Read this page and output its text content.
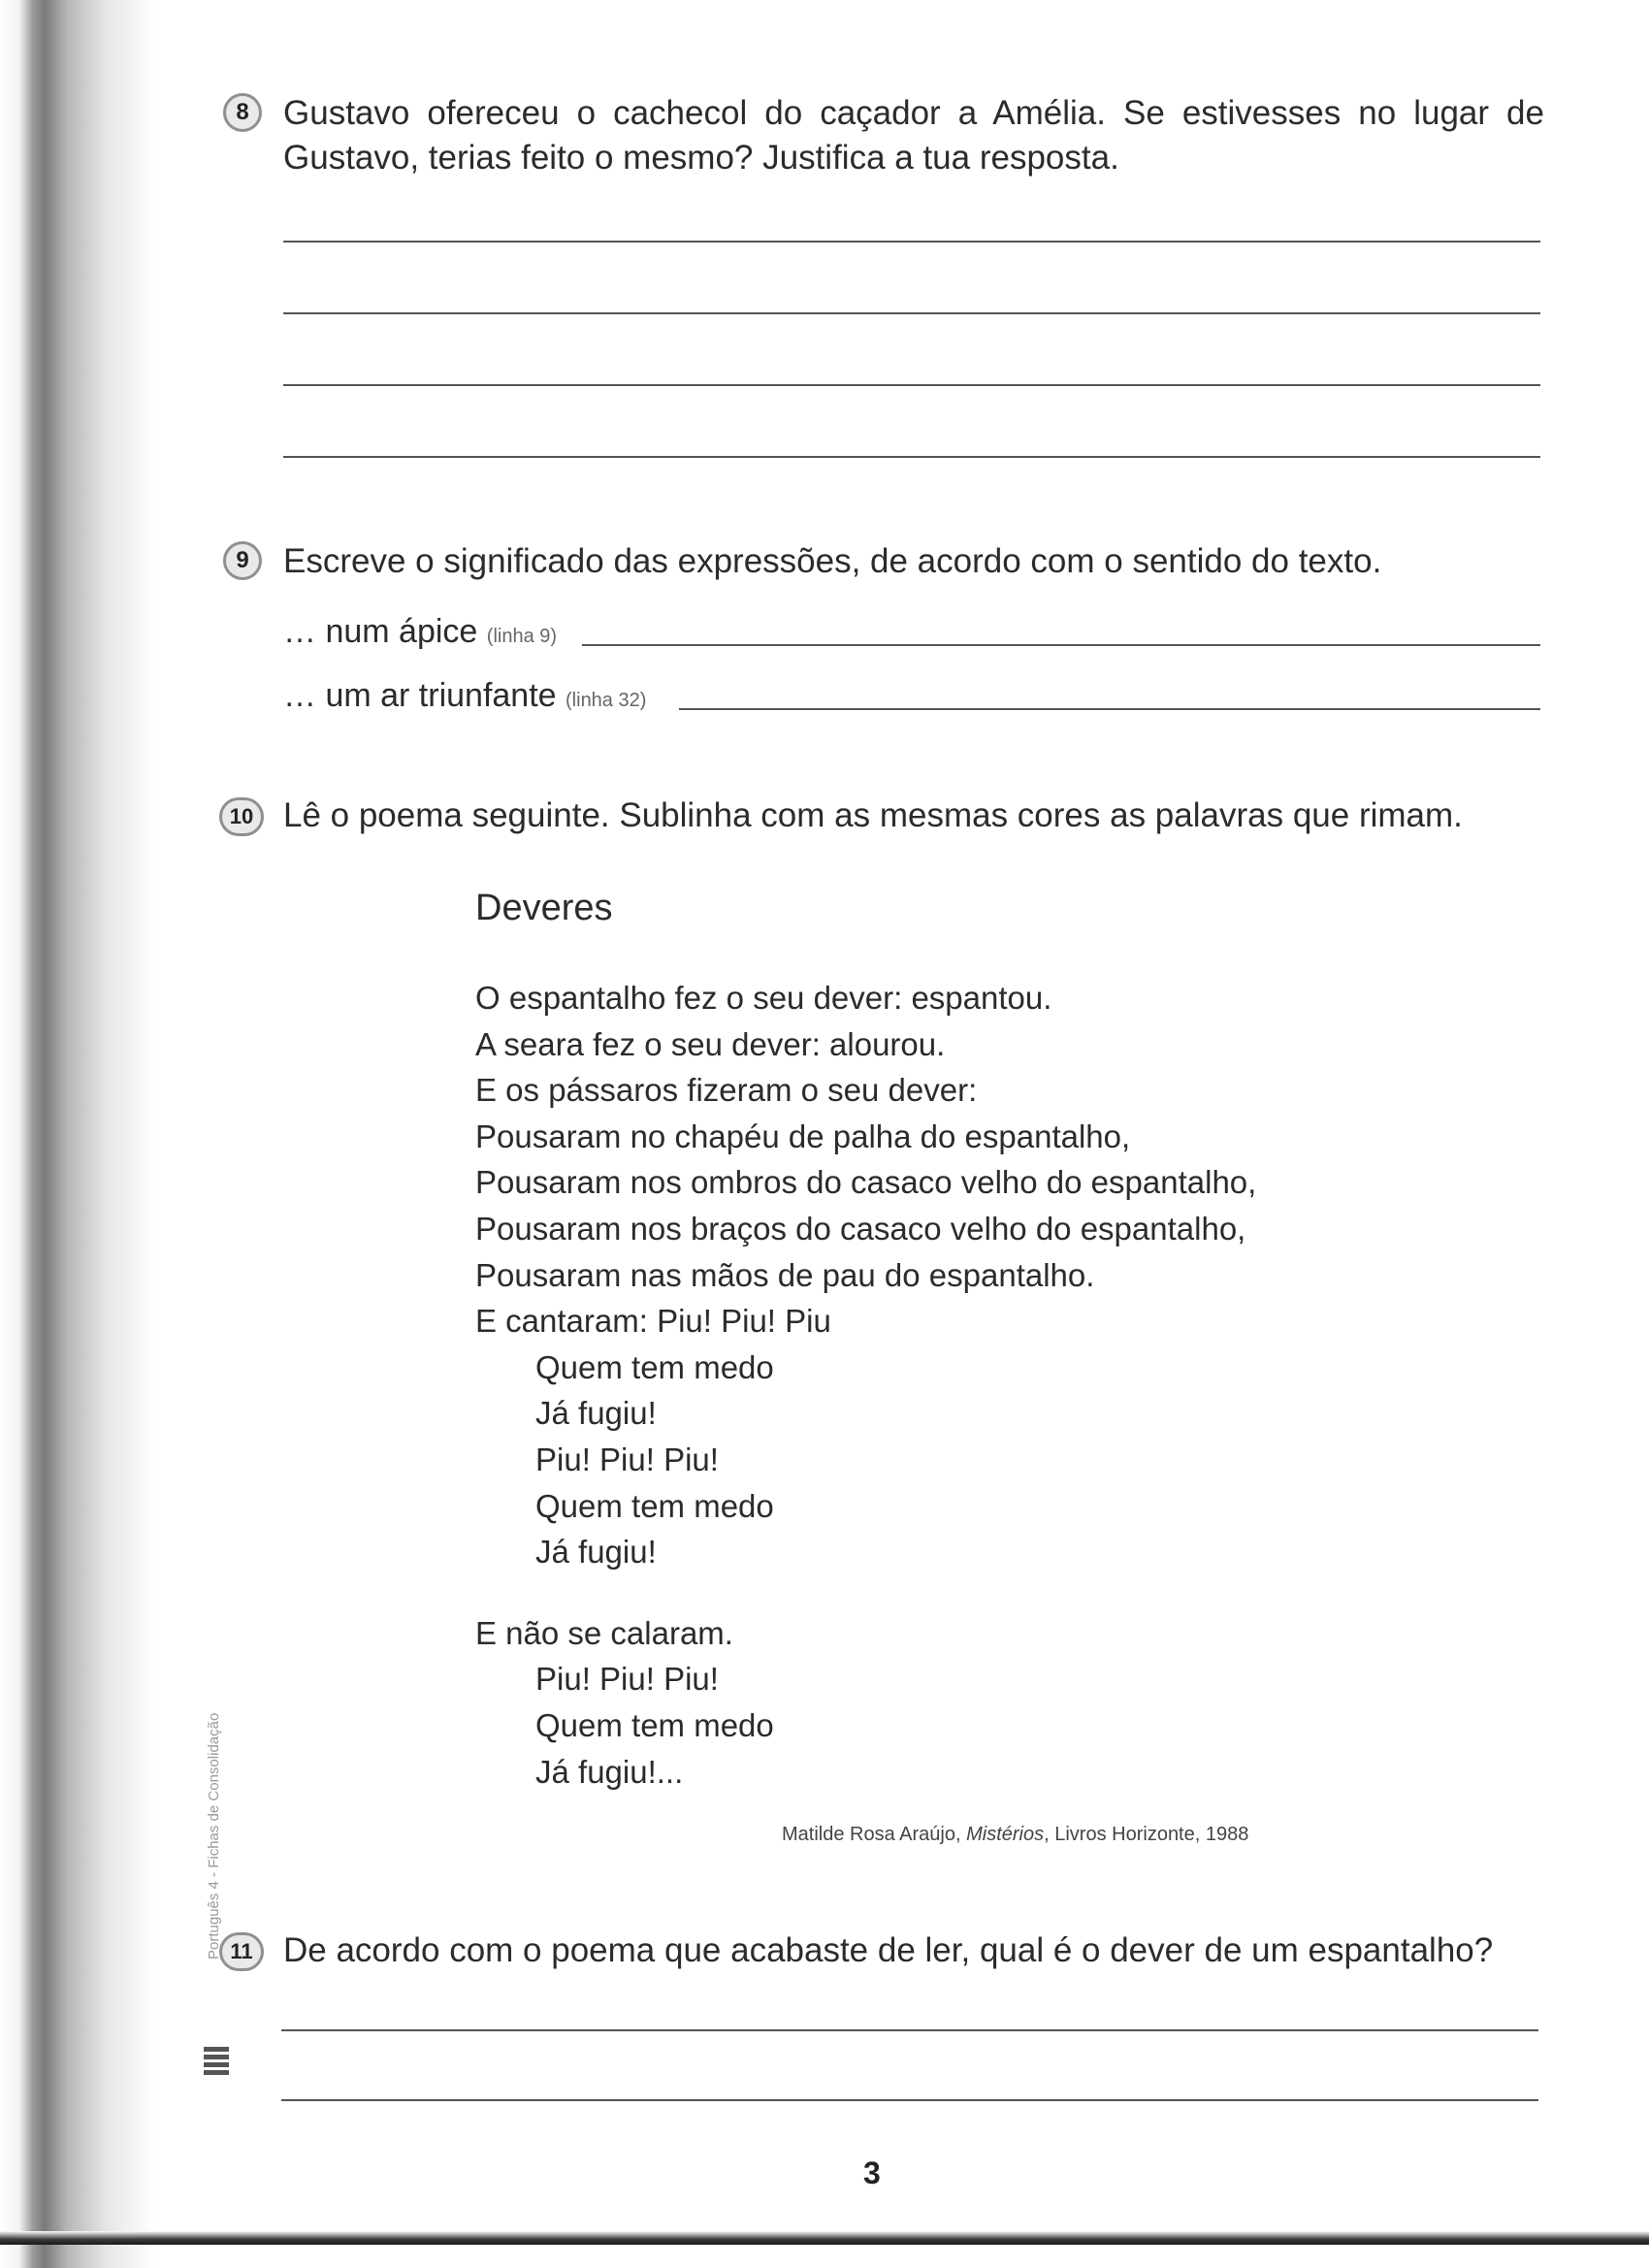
8	Gustavo ofereceu o cachecol do caçador a Amélia. Se estivesses no lugar de Gustavo, terias feito o mesmo? Justifica a tua resposta.
9	Escreve o significado das expressões, de acordo com o sentido do texto.
… num ápice (linha 9)
… um ar triunfante (linha 32)
10 Lê o poema seguinte. Sublinha com as mesmas cores as palavras que rimam.
Deveres
O espantalho fez o seu dever: espantou.
A seara fez o seu dever: alourou.
E os pássaros fizeram o seu dever:
Pousaram no chapéu de palha do espantalho,
Pousaram nos ombros do casaco velho do espantalho,
Pousaram nos braços do casaco velho do espantalho,
Pousaram nas mãos de pau do espantalho.
E cantaram: Piu! Piu! Piu
Quem tem medo
Já fugiu!
Piu! Piu! Piu!
Quem tem medo
Já fugiu!
E não se calaram.
Piu! Piu! Piu!
Quem tem medo
Já fugiu!...
Matilde Rosa Araújo, Mistérios, Livros Horizonte, 1988
11 De acordo com o poema que acabaste de ler, qual é o dever de um espantalho?
Português 4 - Fichas de Consolidação
3
